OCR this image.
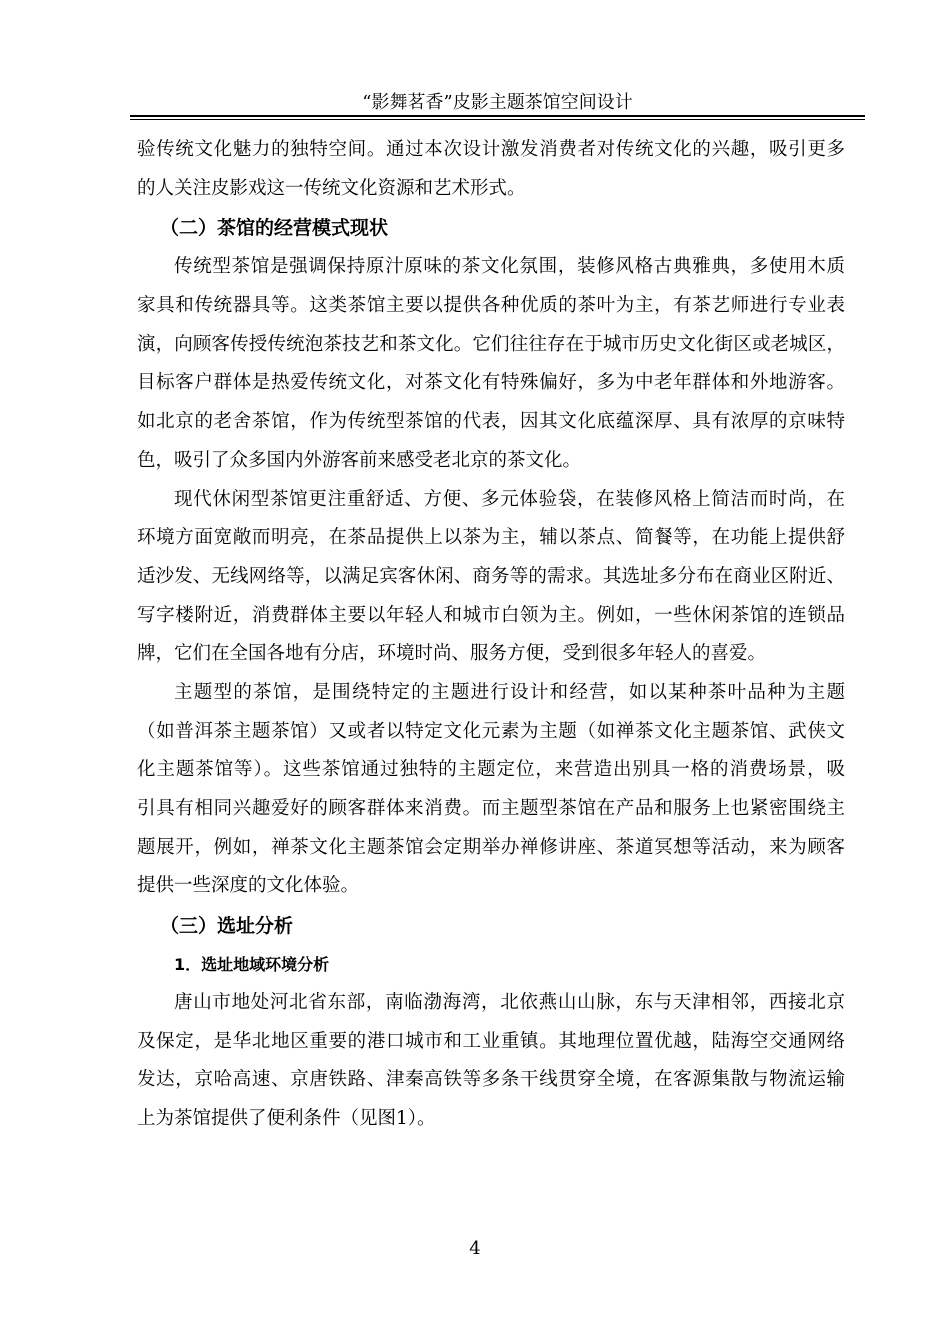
“影舞茗香”皮影主题茶馆空间设计
验传统文化魅力的独特空间。通过本次设计激发消费者对传统文化的兴趣，吸引更多
的人关注皮影戏这一传统文化资源和艺术形式。
（二）茶馆的经营模式现状
传统型茶馆是强调保持原汁原味的茶文化氛围，装修风格古典雅典，多使用木质
家具和传统器具等。这类茶馆主要以提供各种优质的茶叶为主，有茶艺师进行专业表
演，向顾客传授传统泡茶技艺和茶文化。它们往往存在于城市历史文化街区或老城区，
目标客户群体是热爱传统文化，对茶文化有特殊偏好，多为中老年群体和外地游客。
如北京的老舍茶馆，作为传统型茶馆的代表，因其文化底蕴深厚、具有浓厚的京味特
色，吸引了众多国内外游客前来感受老北京的茶文化。
现代休闲型茶馆更注重舒适、方便、多元体验袋，在装修风格上简洁而时尚，在
环境方面宽敞而明亮，在茶品提供上以茶为主，辅以茶点、简餐等，在功能上提供舒
适沙发、无线网络等，以满足宾客休闲、商务等的需求。其选址多分布在商业区附近、
写字楼附近，消费群体主要以年轻人和城市白领为主。例如，一些休闲茶馆的连锁品
牌，它们在全国各地有分店，环境时尚、服务方便，受到很多年轻人的喜爱。
主题型的茶馆，是围绕特定的主题进行设计和经营，如以某种茶叶品种为主题
（如普洱茶主题茶馆）又或者以特定文化元素为主题（如禅茶文化主题茶馆、武侠文
化主题茶馆等）。这些茶馆通过独特的主题定位，来营造出别具一格的消费场景，吸
引具有相同兴趣爱好的顾客群体来消费。而主题型茶馆在产品和服务上也紧密围绕主
题展开，例如，禅茶文化主题茶馆会定期举办禅修讲座、茶道冥想等活动，来为顾客
提供一些深度的文化体验。
（三）选址分析
1．选址地域环境分析
唐山市地处河北省东部，南临渤海湾，北依燕山山脉，东与天津相邻，西接北京
及保定，是华北地区重要的港口城市和工业重镇。其地理位置优越，陆海空交通网络
发达，京哈高速、京唐铁路、津秦高铁等多条干线贯穿全境，在客源集散与物流运输
上为茶馆提供了便利条件（见图1）。
4
